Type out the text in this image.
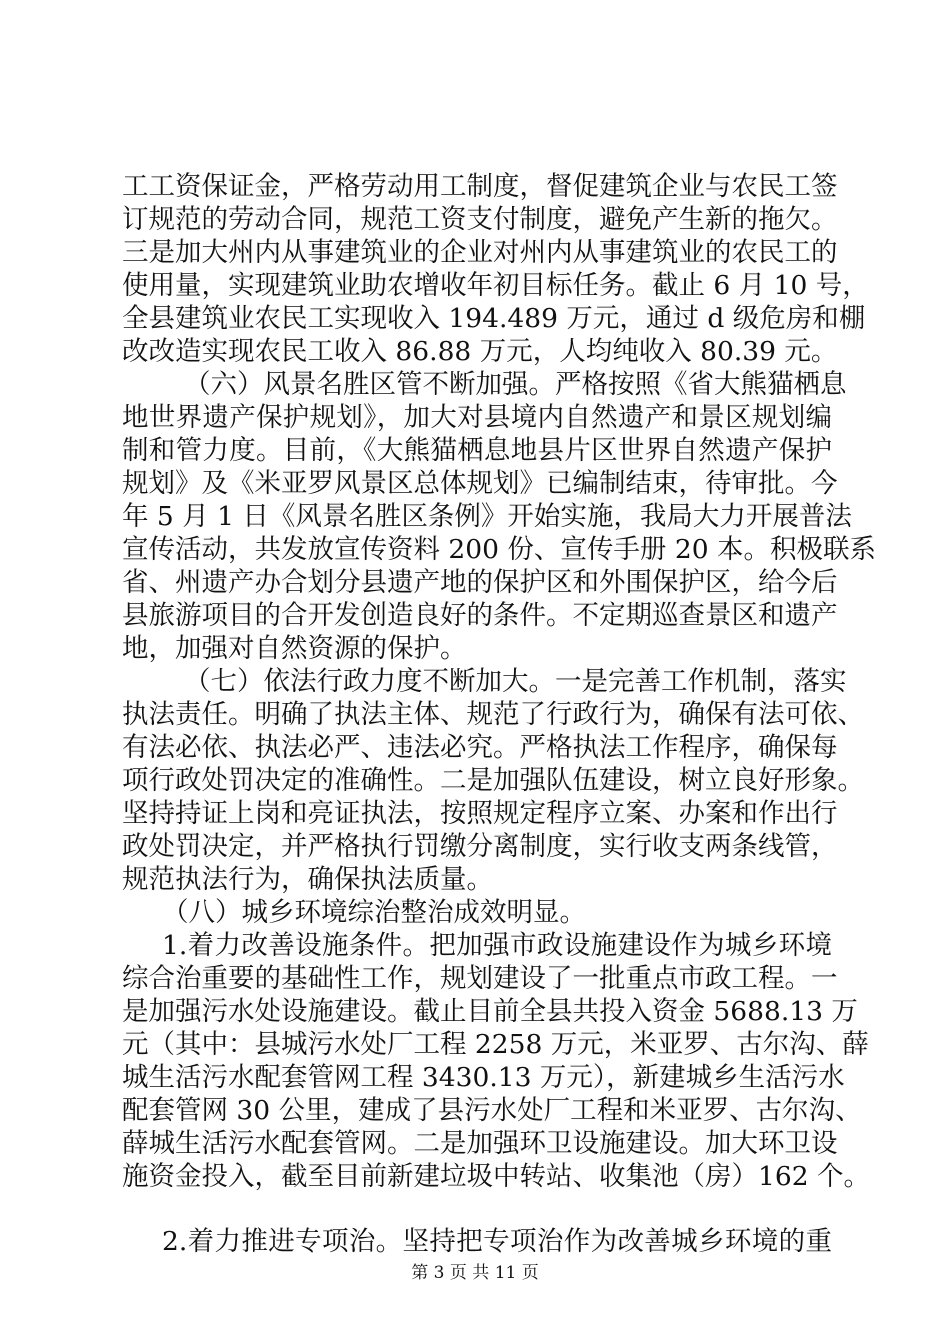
工工资保证金，严格劳动用工制度，督促建筑企业与农民工签
订规范的劳动合同，规范工资支付制度，避免产生新的拖欠。
三是加大州内从事建筑业的企业对州内从事建筑业的农民工的
使用量，实现建筑业助农增收年初目标任务。截止 6 月 10 号，
全县建筑业农民工实现收入 194.489 万元，通过 d 级危房和棚
改改造实现农民工收入 86.88 万元，人均纯收入 80.39 元。
（六）风景名胜区管不断加强。严格按照《省大熊猫栖息
地世界遗产保护规划》，加大对县境内自然遗产和景区规划编
制和管力度。目前，《大熊猫栖息地县片区世界自然遗产保护
规划》及《米亚罗风景区总体规划》已编制结束，待审批。今
年 5 月 1 日《风景名胜区条例》开始实施，我局大力开展普法
宣传活动，共发放宣传资料 200 份、宣传手册 20 本。积极联系
省、州遗产办合划分县遗产地的保护区和外围保护区，给今后
县旅游项目的合开发创造良好的条件。不定期巡查景区和遗产
地，加强对自然资源的保护。
（七）依法行政力度不断加大。一是完善工作机制，落实
执法责任。明确了执法主体、规范了行政行为，确保有法可依、
有法必依、执法必严、违法必究。严格执法工作程序，确保每
项行政处罚决定的准确性。二是加强队伍建设，树立良好形象。
坚持持证上岗和亮证执法，按照规定程序立案、办案和作出行
政处罚决定，并严格执行罚缴分离制度，实行收支两条线管，
规范执法行为，确保执法质量。
（八）城乡环境综治整治成效明显。
1.着力改善设施条件。把加强市政设施建设作为城乡环境
综合治重要的基础性工作，规划建设了一批重点市政工程。一
是加强污水处设施建设。截止目前全县共投入资金 5688.13 万
元（其中：县城污水处厂工程 2258 万元，米亚罗、古尔沟、薛
城生活污水配套管网工程 3430.13 万元），新建城乡生活污水
配套管网 30 公里，建成了县污水处厂工程和米亚罗、古尔沟、
薛城生活污水配套管网。二是加强环卫设施建设。加大环卫设
施资金投入，截至目前新建垃圾中转站、收集池（房）162 个。
2.着力推进专项治。坚持把专项治作为改善城乡环境的重
第 3 页 共 11 页
